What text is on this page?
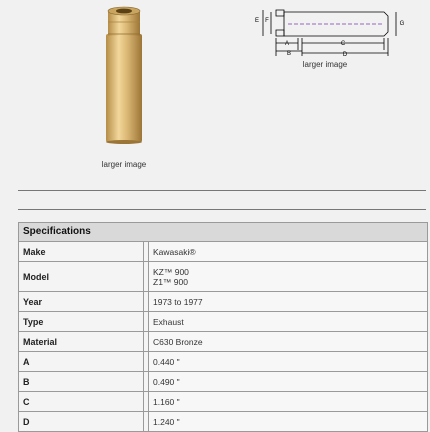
larger image
E F	G
A
B
C
D
larger image
Specifications
Make	Kawasaki®
Model	KZ™ 900
Z1™ 900
Year	1973 to 1977
Type	Exhaust
Material	C630 Bronze
A	0.440 "
B	0.490 "
C	1.160 "
D	1.240 "
